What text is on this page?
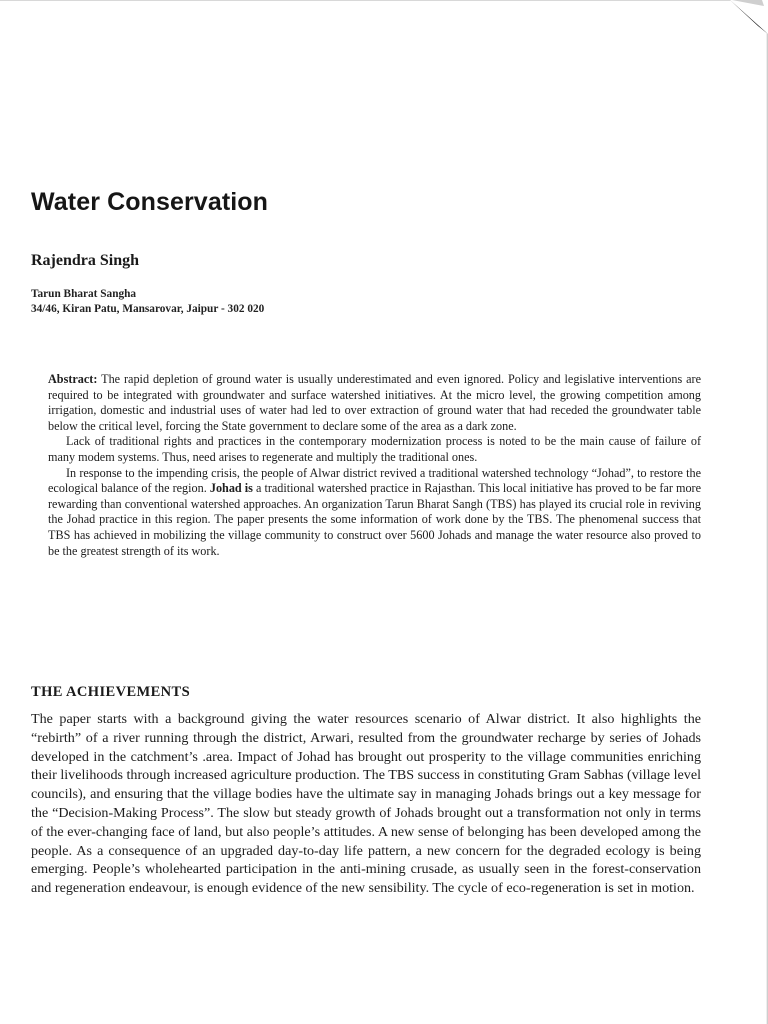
Water Conservation
Rajendra Singh
Tarun Bharat Sangha
34/46, Kiran Patu, Mansarovar, Jaipur - 302 020

Abstract: The rapid depletion of ground water is usually underestimated and even ignored. Policy and legislative interventions are required to be integrated with groundwater and surface watershed initiatives. At the micro level, the growing competition among irrigation, domestic and industrial uses of water had led to over extraction of ground water that had receded the groundwater table below the critical level, forcing the State government to declare some of the area as a dark zone.

Lack of traditional rights and practices in the contemporary modernization process is noted to be the main cause of failure of many modem systems. Thus, need arises to regenerate and multiply the traditional ones.

In response to the impending crisis, the people of Alwar district revived a traditional watershed technology “Johad”, to restore the ecological balance of the region. Johad is a traditional watershed practice in Rajasthan. This local initiative has proved to be far more rewarding than conventional watershed approaches. An organization Tarun Bharat Sangh (TBS) has played its crucial role in reviving the Johad practice in this region. The paper presents the some information of work done by the TBS. The phenomenal success that TBS has achieved in mobilizing the village community to construct over 5600 Johads and manage the water resource also proved to be the greatest strength of its work.

THE ACHIEVEMENTS

The paper starts with a background giving the water resources scenario of Alwar district. It also highlights the “rebirth” of a river running through the district, Arwari, resulted from the groundwater recharge by series of Johads developed in the catchment’s .area. Impact of Johad has brought out prosperity to the village communities enriching their livelihoods through increased agriculture production. The TBS success in constituting Gram Sabhas (village level councils), and ensuring that the village bodies have the ultimate say in managing Johads brings out a key message for the “Decision-Making Process”. The slow but steady growth of Johads brought out a transformation not only in terms of the ever-changing face of land, but also people’s attitudes. A new sense of belonging has been developed among the people. As a consequence of an upgraded day-to-day life pattern, a new concern for the degraded ecology is being emerging. People’s wholehearted participation in the anti-mining crusade, as usually seen in the forest-conservation and regeneration endeavour, is enough evidence of the new sensibility. The cycle of eco-regeneration is set in motion.
